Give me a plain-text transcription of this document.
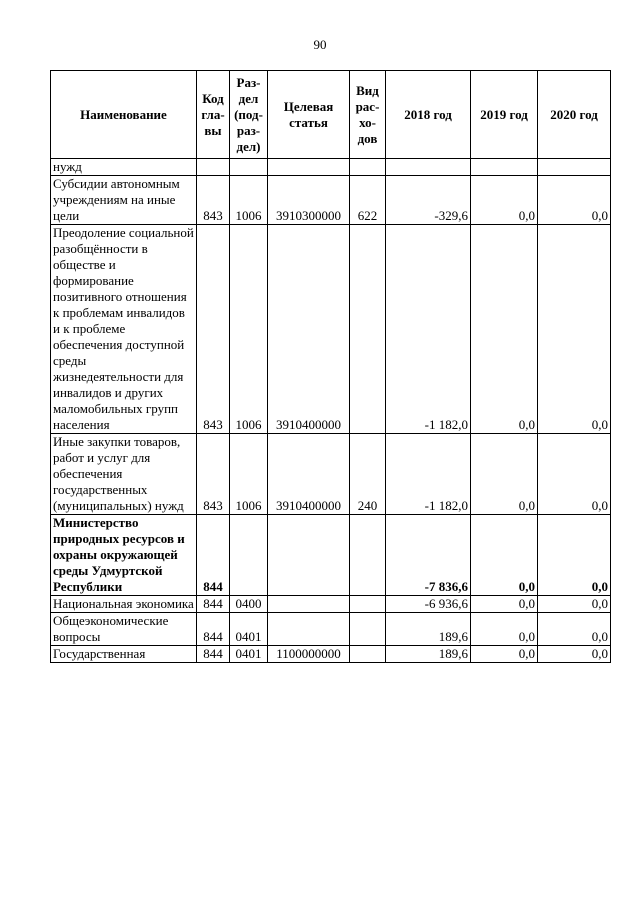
90
Наименование	Код гла- вы	Раз- дел (под- раз- дел)	Целевая статья	Вид рас- хо- дов	2018 год	2019 год	2020 год
нужд							
Субсидии автономным учреждениям на иные цели	843	1006	3910300000	622	-329,6	0,0	0,0
Преодоление социальной разобщённости в обществе и формирование позитивного отношения к проблемам инвалидов и к проблеме обеспечения доступной среды жизнедеятельности для инвалидов и других маломобильных групп населения	843	1006	3910400000		-1 182,0	0,0	0,0
Иные закупки товаров, работ и услуг для обеспечения государственных (муниципальных) нужд	843	1006	3910400000	240	-1 182,0	0,0	0,0
Министерство природных ресурсов и охраны окружающей среды Удмуртской Республики	844				-7 836,6	0,0	0,0
Национальная экономика	844	0400			-6 936,6	0,0	0,0
Общеэкономические вопросы	844	0401			189,6	0,0	0,0
Государственная	844	0401	1100000000		189,6	0,0	0,0
